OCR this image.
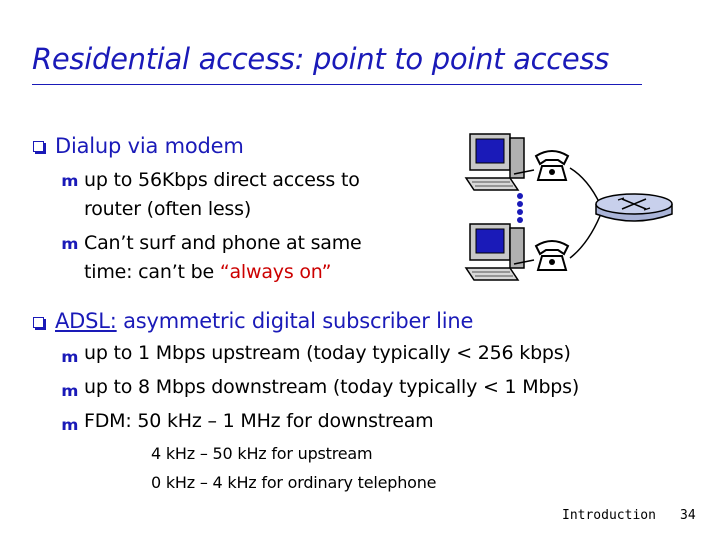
Residential access: point to point access
Dialup via modem
m up to 56Kbps direct access to
router (often less)
m Can’t surf and phone at same
time: can’t be “always on”
ADSL: asymmetric digital subscriber line
m up to 1 Mbps upstream (today typically < 256 kbps)
m up to 8 Mbps downstream (today typically < 1 Mbps)
m FDM: 50 kHz – 1 MHz for downstream
4 kHz – 50 kHz for upstream
0 kHz – 4 kHz for ordinary telephone
Introduction 34
